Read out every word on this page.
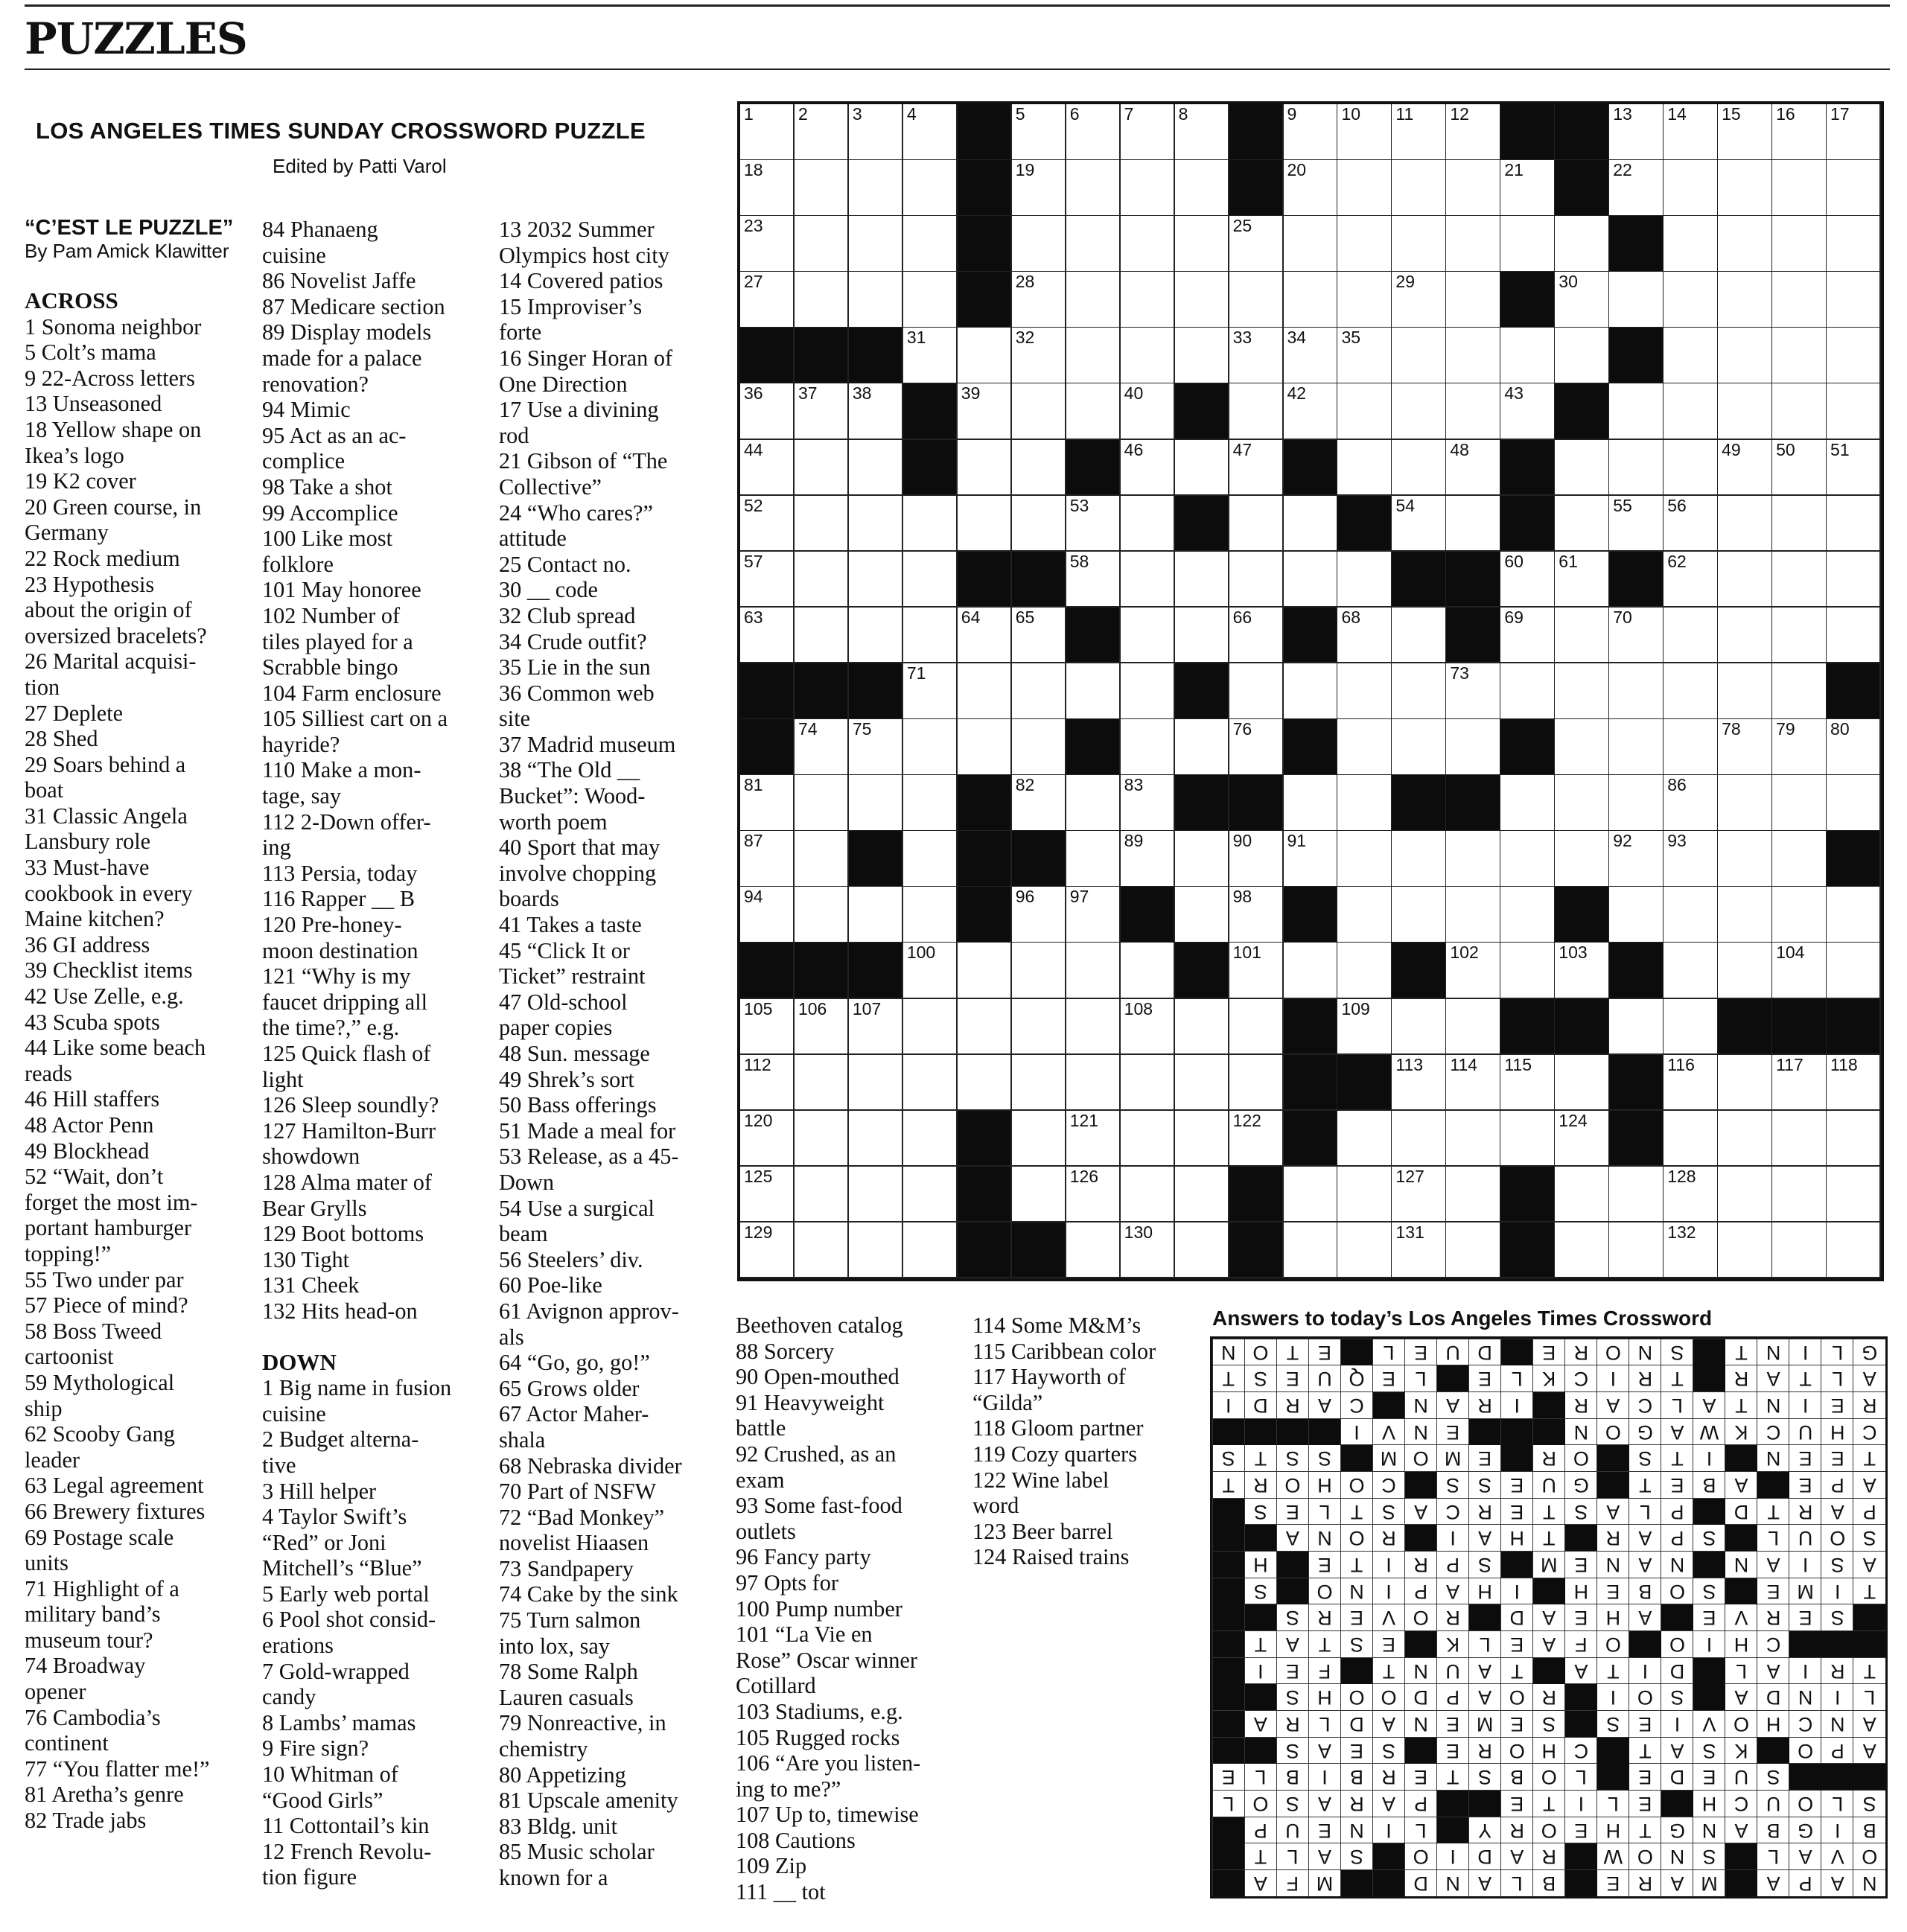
PUZZLES
LOS ANGELES TIMES SUNDAY CROSSWORD PUZZLE
Edited by Patti Varol
“C’EST LE PUZZLE”
By Pam Amick Klawitter
ACROSS
1 Sonoma neighbor
5 Colt’s mama
9 22-Across letters
13 Unseasoned
18 Yellow shape on
Ikea’s logo
19 K2 cover
20 Green course, in
Germany
22 Rock medium
23 Hypothesis
about the origin of
oversized bracelets?
26 Marital acquisi-
tion
27 Deplete
28 Shed
29 Soars behind a
boat
31 Classic Angela
Lansbury role
33 Must-have
cookbook in every
Maine kitchen?
36 GI address
39 Checklist items
42 Use Zelle, e.g.
43 Scuba spots
44 Like some beach
reads
46 Hill staffers
48 Actor Penn
49 Blockhead
52 “Wait, don’t
forget the most im-
portant hamburger
topping!”
55 Two under par
57 Piece of mind?
58 Boss Tweed
cartoonist
59 Mythological
ship
62 Scooby Gang
leader
63 Legal agreement
66 Brewery fixtures
69 Postage scale
units
71 Highlight of a
military band’s
museum tour?
74 Broadway
opener
76 Cambodia’s
continent
77 “You flatter me!”
81 Aretha’s genre
82 Trade jabs
84 Phanaeng
cuisine
86 Novelist Jaffe
87 Medicare section
89 Display models
made for a palace
renovation?
94 Mimic
95 Act as an ac-
complice
98 Take a shot
99 Accomplice
100 Like most
folklore
101 May honoree
102 Number of
tiles played for a
Scrabble bingo
104 Farm enclosure
105 Silliest cart on a
hayride?
110 Make a mon-
tage, say
112 2-Down offer-
ing
113 Persia, today
116 Rapper __ B
120 Pre-honey-
moon destination
121 “Why is my
faucet dripping all
the time?,” e.g.
125 Quick flash of
light
126 Sleep soundly?
127 Hamilton-Burr
showdown
128 Alma mater of
Bear Grylls
129 Boot bottoms
130 Tight
131 Cheek
132 Hits head-on
DOWN
1 Big name in fusion
cuisine
2 Budget alterna-
tive
3 Hill helper
4 Taylor Swift’s
“Red” or Joni
Mitchell’s “Blue”
5 Early web portal
6 Pool shot consid-
erations
7 Gold-wrapped
candy
8 Lambs’ mamas
9 Fire sign?
10 Whitman of
“Good Girls”
11 Cottontail’s kin
12 French Revolu-
tion figure
13 2032 Summer
Olympics host city
14 Covered patios
15 Improviser’s
forte
16 Singer Horan of
One Direction
17 Use a divining
rod
21 Gibson of “The
Collective”
24 “Who cares?”
attitude
25 Contact no.
30 __ code
32 Club spread
34 Crude outfit?
35 Lie in the sun
36 Common web
site
37 Madrid museum
38 “The Old __
Bucket”: Wood-
worth poem
40 Sport that may
involve chopping
boards
41 Takes a taste
45 “Click It or
Ticket” restraint
47 Old-school
paper copies
48 Sun. message
49 Shrek’s sort
50 Bass offerings
51 Made a meal for
53 Release, as a 45-
Down
54 Use a surgical
beam
56 Steelers’ div.
60 Poe-like
61 Avignon approv-
als
64 “Go, go, go!”
65 Grows older
67 Actor Maher-
shala
68 Nebraska divider
70 Part of NSFW
72 “Bad Monkey”
novelist Hiaasen
73 Sandpapery
74 Cake by the sink
75 Turn salmon
into lox, say
78 Some Ralph
Lauren casuals
79 Nonreactive, in
chemistry
80 Appetizing
81 Upscale amenity
83 Bldg. unit
85 Music scholar
known for a
Beethoven catalog
88 Sorcery
90 Open-mouthed
91 Heavyweight
battle
92 Crushed, as an
exam
93 Some fast-food
outlets
96 Fancy party
97 Opts for
100 Pump number
101 “La Vie en
Rose” Oscar winner
Cotillard
103 Stadiums, e.g.
105 Rugged rocks
106 “Are you listen-
ing to me?”
107 Up to, timewise
108 Cautions
109 Zip
111 __ tot
114 Some M&M’s
115 Caribbean color
117 Hayworth of
“Gilda”
118 Gloom partner
119 Cozy quarters
122 Wine label
word
123 Beer barrel
124 Raised trains
1	2	3	4	5	6	7	8	9	10 11 12	13 14 15 16 17
18	19	20	21	22
23	25
27	28	29	30
31	32	33 34 35
36 37 38	39	40	42	43
44	46	47	48	49 50 51
52	53	54	55 56
57	58	60 61	62
63	64 65	66	68	69	70
71	73
74 75	76	78 79 80
81	82	83	86
87	89	90 91	92 93
94	96 97	98
100	101	102	103	104
105 106 107	108	109
112	113 114 115	116	117 118
120	121	122	124
125	126	127	128
129	130	131	132
Answers to today’s Los Angeles Times Crossword
N
A
P
A
M
A
R
E
B
L
A
N
D
M
F
A
O
V
A
L
S
N
O
W
R
A
D
I
O
S
A
L
T
B
I
G
B
A
N
G
T
H
E
O
R
Y
L
I
N
E
U
P
S
L
O
U
C
H
E
L
I
T
E
P
A
R
A
S
O
L
S
U
E
D
E
L
O
B
S
T
E
R
B
I
B
L
E
A
P
O
K
S
A
T
C
H
O
R
E
S
E
A
S
A
N
C
H
O
V
I
E
S
S
E
M
E
N
A
D
L
R
A
L
I
N
D
A
S
O
I
R
O
A
P
D
O
O
H
S
T
R
I
A
L
D
I
T
A
T
A
U
N
T
F
E
I
C
H
I
O
O
F
A
E
L
K
E
S
T
A
T
S
E
R
V
E
A
H
E
A
D
R
O
V
E
R
S
T
I
M
E
S
O
B
E
H
I
H
A
P
I
N
O
S
A
S
I
A
N
N
A
N
E
M
S
P
R
I
T
E
H
S
O
U
L
S
P
A
R
T
H
A
I
R
O
N
A
P
A
R
T
D
P
L
A
S
T
E
R
C
A
S
T
L
E
S
A
P
E
A
B
E
T
G
U
E
S
S
C
O
H
O
R
T
T
E
E
N
I
T
S
O
R
E
M
O
M
S
S
T
S
C
H
U
C
K
W
A
G
O
N
E
N
V
I
R
E
I
N
T
A
L
C
A
R
I
R
A
N
C
A
R
D
I
A
L
T
A
R
T
R
I
C
K
L
E
L
E
Q
U
E
S
T
G
L
I
N
T
S
N
O
R
E
D
U
E
L
E
T
O
N
